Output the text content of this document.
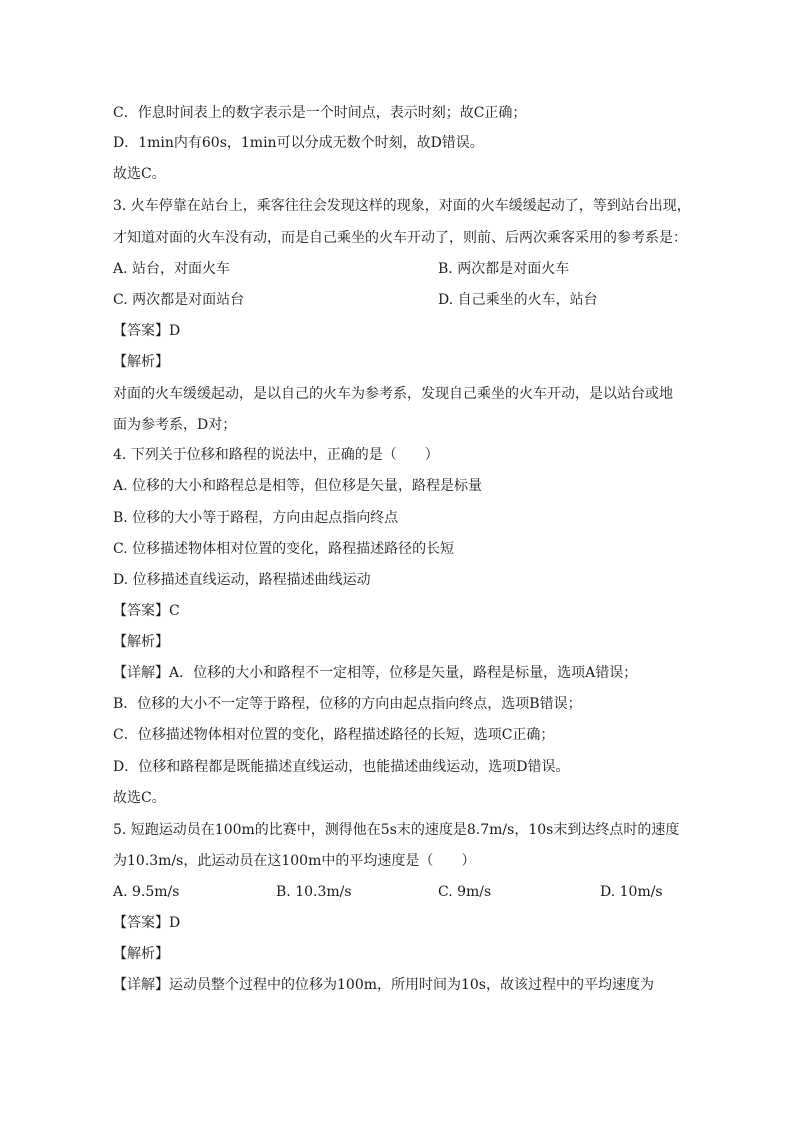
C．作息时间表上的数字表示是一个时间点，表示时刻；故C正确；
D．1min内有60s，1min可以分成无数个时刻，故D错误。
故选C。
3. 火车停靠在站台上，乘客往往会发现这样的现象，对面的火车缓缓起动了，等到站台出现，
才知道对面的火车没有动，而是自己乘坐的火车开动了，则前、后两次乘客采用的参考系是：
A. 站台，对面火车	B. 两次都是对面火车
C. 两次都是对面站台	D. 自己乘坐的火车，站台
【答案】D
【解析】
对面的火车缓缓起动，是以自己的火车为参考系，发现自己乘坐的火车开动，是以站台或地
面为参考系，D对；
4. 下列关于位移和路程的说法中，正确的是（　　）
A. 位移的大小和路程总是相等，但位移是矢量，路程是标量
B. 位移的大小等于路程，方向由起点指向终点
C. 位移描述物体相对位置的变化，路程描述路径的长短
D. 位移描述直线运动，路程描述曲线运动
【答案】C
【解析】
【详解】A．位移的大小和路程不一定相等，位移是矢量，路程是标量，选项A错误；
B．位移的大小不一定等于路程，位移的方向由起点指向终点，选项B错误；
C．位移描述物体相对位置的变化，路程描述路径的长短，选项C正确；
D．位移和路程都是既能描述直线运动，也能描述曲线运动，选项D错误。
故选C。
5. 短跑运动员在100m的比赛中，测得他在5s末的速度是8.7m/s，10s末到达终点时的速度
为10.3m/s，此运动员在这100m中的平均速度是（　　）
A. 9.5m/s	B. 10.3m/s	C. 9m/s	D. 10m/s
【答案】D
【解析】
【详解】运动员整个过程中的位移为100m，所用时间为10s，故该过程中的平均速度为
